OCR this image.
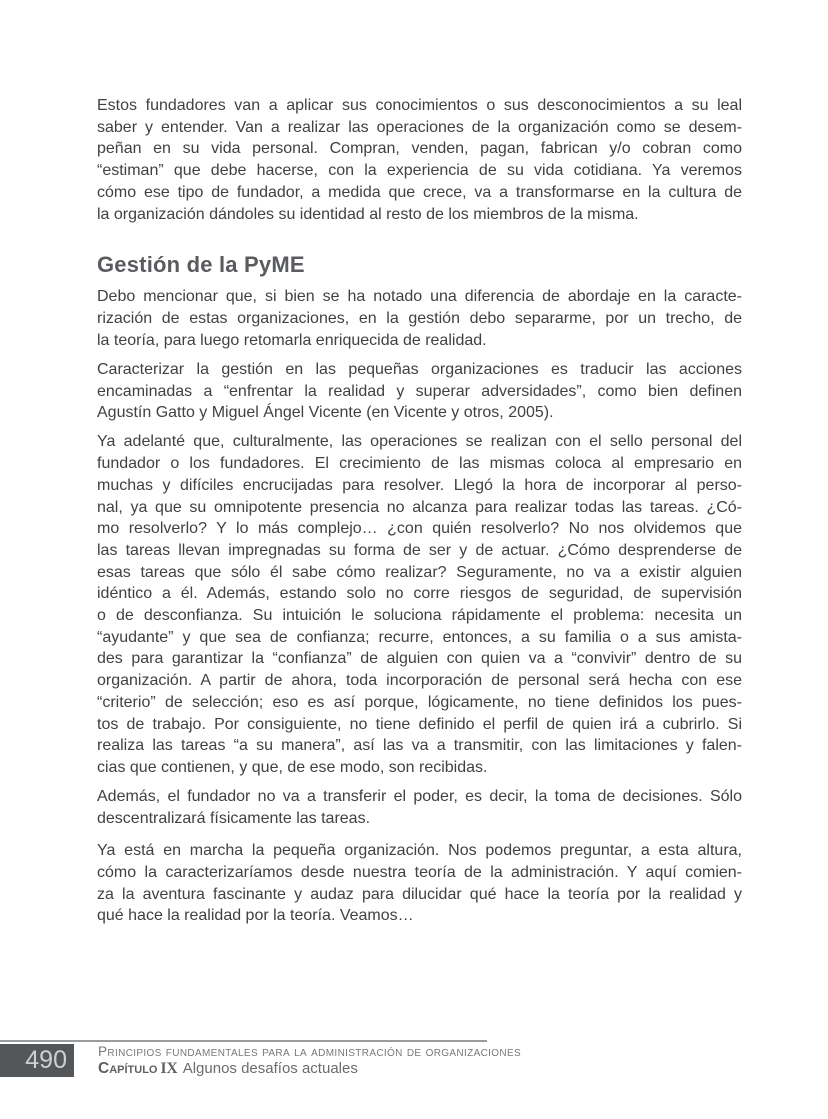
Estos fundadores van a aplicar sus conocimientos o sus desconocimientos a su leal
saber y entender. Van a realizar las operaciones de la organización como se desem-
peñan en su vida personal. Compran, venden, pagan, fabrican y/o cobran como
“estiman” que debe hacerse, con la experiencia de su vida cotidiana. Ya veremos
cómo ese tipo de fundador, a medida que crece, va a transformarse en la cultura de
la organización dándoles su identidad al resto de los miembros de la misma.
Gestión de la PyME
Debo mencionar que, si bien se ha notado una diferencia de abordaje en la caracte-
rización de estas organizaciones, en la gestión debo separarme, por un trecho, de
la teoría, para luego retomarla enriquecida de realidad.
Caracterizar la gestión en las pequeñas organizaciones es traducir las acciones
encaminadas a “enfrentar la realidad y superar adversidades”, como bien definen
Agustín Gatto y Miguel Ángel Vicente (en Vicente y otros, 2005).
Ya adelanté que, culturalmente, las operaciones se realizan con el sello personal del
fundador o los fundadores. El crecimiento de las mismas coloca al empresario en
muchas y difíciles encrucijadas para resolver. Llegó la hora de incorporar al perso-
nal, ya que su omnipotente presencia no alcanza para realizar todas las tareas. ¿Có-
mo resolverlo? Y lo más complejo… ¿con quién resolverlo? No nos olvidemos que
las tareas llevan impregnadas su forma de ser y de actuar. ¿Cómo desprenderse de
esas tareas que sólo él sabe cómo realizar? Seguramente, no va a existir alguien
idéntico a él. Además, estando solo no corre riesgos de seguridad, de supervisión
o de desconfianza. Su intuición le soluciona rápidamente el problema: necesita un
“ayudante” y que sea de confianza; recurre, entonces, a su familia o a sus amista-
des para garantizar la “confianza” de alguien con quien va a “convivir” dentro de su
organización. A partir de ahora, toda incorporación de personal será hecha con ese
“criterio” de selección; eso es así porque, lógicamente, no tiene definidos los pues-
tos de trabajo. Por consiguiente, no tiene definido el perfil de quien irá a cubrirlo. Si
realiza las tareas “a su manera”, así las va a transmitir, con las limitaciones y falen-
cias que contienen, y que, de ese modo, son recibidas.
Además, el fundador no va a transferir el poder, es decir, la toma de decisiones. Sólo
descentralizará físicamente las tareas.
Ya está en marcha la pequeña organización. Nos podemos preguntar, a esta altura,
cómo la caracterizaríamos desde nuestra teoría de la administración. Y aquí comien-
za la aventura fascinante y audaz para dilucidar qué hace la teoría por la realidad y
qué hace la realidad por la teoría. Veamos…
490	Principios fundamentales para la administración de organizaciones
Capítulo IX Algunos desafíos actuales
